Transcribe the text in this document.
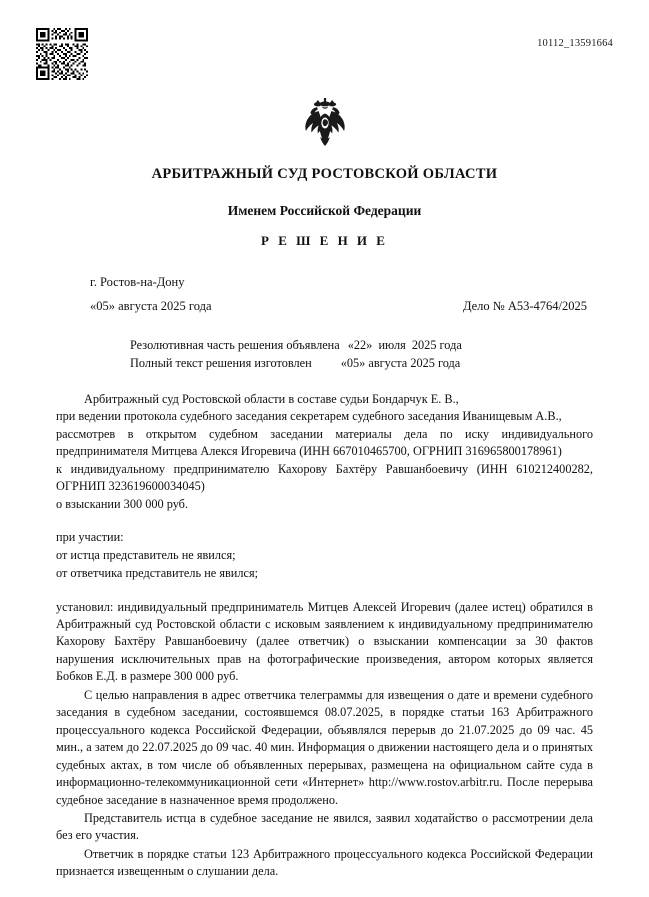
10112_13591664
АРБИТРАЖНЫЙ СУД РОСТОВСКОЙ ОБЛАСТИ
Именем Российской Федерации
Р Е Ш Е Н И Е
г. Ростов-на-Дону
«05» августа 2025 года	Дело № А53-4764/2025
Резолютивная часть решения объявлена «22»  июля  2025 года
Полный текст решения изготовлен «05» августа 2025 года

Арбитражный суд Ростовской области в составе судьи Бондарчук Е. В.,

при ведении протокола судебного заседания секретарем судебного заседания Иванищевым А.В.,

рассмотрев в открытом судебном заседании материалы дела по иску индивидуального предпринимателя Митцева Алекся Игоревича (ИНН 667010465700, ОГРНИП 316965800178961)

к индивидуальному предпринимателю Кахорову Бахтёру Равшанбоевичу (ИНН 610212400282, ОГРНИП 323619600034045)

о взыскании 300 000 руб.

при участии:

от истца представитель не явился;

от ответчика представитель не явился;

установил: индивидуальный предприниматель Митцев Алексей Игоревич (далее истец) обратился в Арбитражный суд Ростовской области с исковым заявлением к индивидуальному предпринимателю Кахорову Бахтёру Равшанбоевичу (далее ответчик) о взыскании компенсации за 30 фактов нарушения исключительных прав на фотографические произведения, автором которых является Бобков Е.Д. в размере 300 000 руб.

С целью направления в адрес ответчика телеграммы для извещения о дате и времени судебного заседания в судебном заседании, состоявшемся 08.07.2025, в порядке статьи 163 Арбитражного процессуального кодекса Российской Федерации, объявлялся перерыв до 21.07.2025 до 09 час. 45 мин., а затем до 22.07.2025 до 09 час. 40 мин. Информация о движении настоящего дела и о принятых судебных актах, в том числе об объявленных перерывах, размещена на официальном сайте суда в информационно-телекоммуникационной сети «Интернет» http://www.rostov.arbitr.ru. После перерыва судебное заседание в назначенное время продолжено.

Представитель истца в судебное заседание не явился, заявил ходатайство о рассмотрении дела без его участия.

Ответчик в порядке статьи 123 Арбитражного процессуального кодекса Российской Федерации признается извещенным о слушании дела.
